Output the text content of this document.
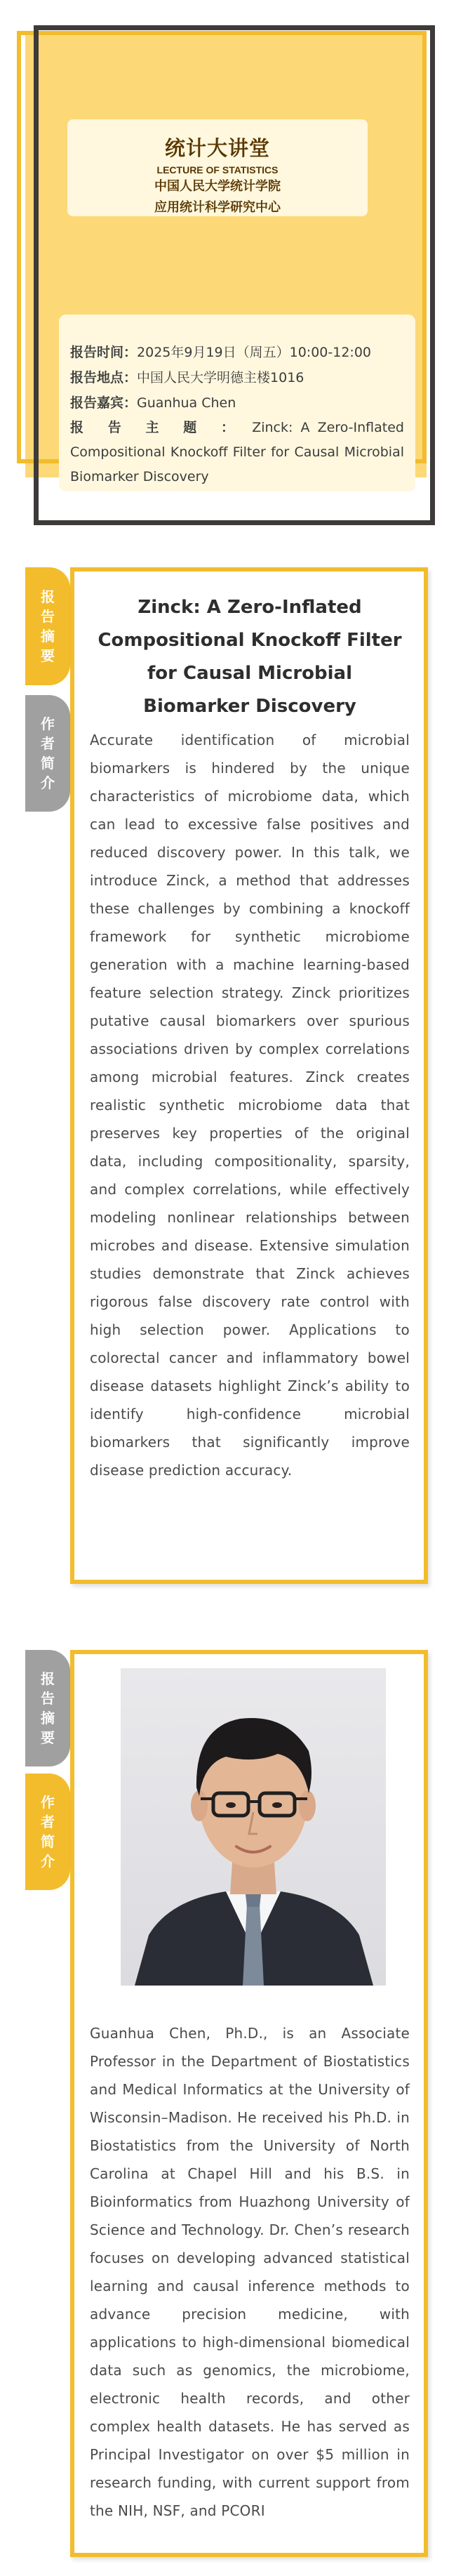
统计大讲堂
LECTURE OF STATISTICS
中国人民大学统计学院
应用统计科学研究中心
报告时间：2025年9月19日（周五）10:00-12:00
报告地点：中国人民大学明德主楼1016
报告嘉宾：Guanhua Chen
报 告 主 题 ： Zinck: A Zero-Inflated Compositional Knockoff Filter for Causal Microbial Biomarker Discovery
报
告
摘
要
作
者
简
介
Zinck: A Zero-Inflated Compositional Knockoff Filter for Causal Microbial Biomarker Discovery
Accurate identification of microbial biomarkers is hindered by the unique characteristics of microbiome data, which can lead to excessive false positives and reduced discovery power. In this talk, we introduce Zinck, a method that addresses these challenges by combining a knockoff framework for synthetic microbiome generation with a machine learning-based feature selection strategy. Zinck prioritizes putative causal biomarkers over spurious associations driven by complex correlations among microbial features. Zinck creates realistic synthetic microbiome data that preserves key properties of the original data, including compositionality, sparsity, and complex correlations, while effectively modeling nonlinear relationships between microbes and disease. Extensive simulation studies demonstrate that Zinck achieves rigorous false discovery rate control with high selection power. Applications to colorectal cancer and inflammatory bowel disease datasets highlight Zinck’s ability to identify high-confidence microbial biomarkers that significantly improve disease prediction accuracy.
报
告
摘
要
作
者
简
介
Guanhua Chen, Ph.D., is an Associate Professor in the Department of Biostatistics and Medical Informatics at the University of Wisconsin–Madison. He received his Ph.D. in Biostatistics from the University of North Carolina at Chapel Hill and his B.S. in Bioinformatics from Huazhong University of Science and Technology. Dr. Chen’s research focuses on developing advanced statistical learning and causal inference methods to advance precision medicine, with applications to high-dimensional biomedical data such as genomics, the microbiome, electronic health records, and other complex health datasets. He has served as Principal Investigator on over $5 million in research funding, with current support from the NIH, NSF, and PCORI
